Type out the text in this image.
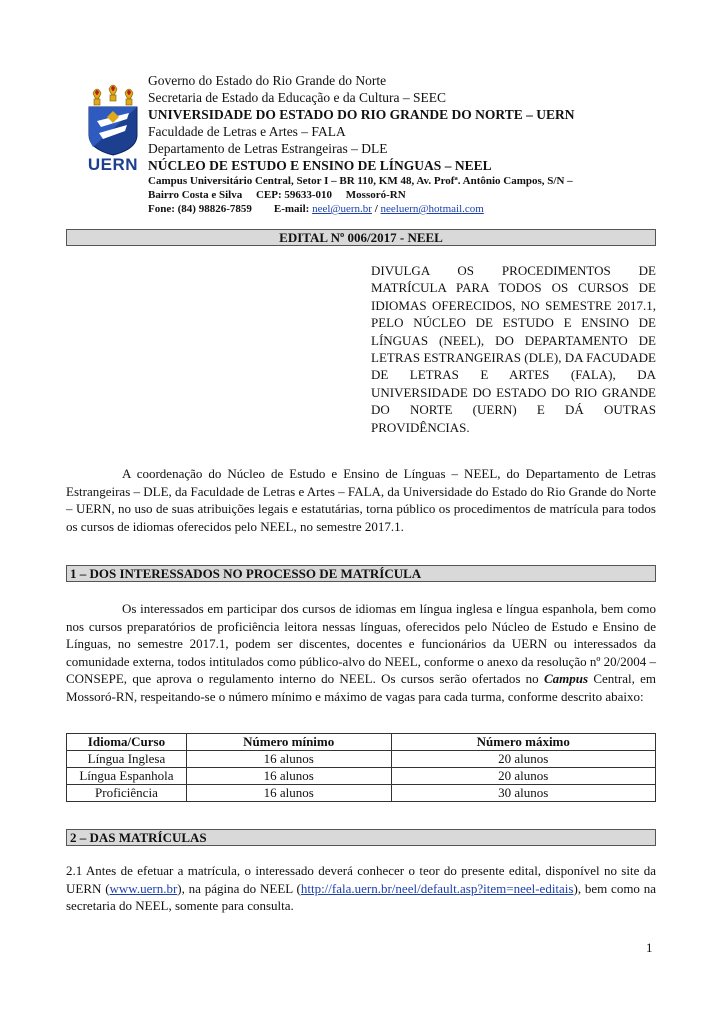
UERN
Governo do Estado do Rio Grande do Norte
Secretaria de Estado da Educação e da Cultura – SEEC
UNIVERSIDADE DO ESTADO DO RIO GRANDE DO NORTE – UERN
Faculdade de Letras e Artes – FALA
Departamento de Letras Estrangeiras – DLE
NÚCLEO DE ESTUDO E ENSINO DE LÍNGUAS – NEEL
Campus Universitário Central, Setor I – BR 110, KM 48, Av. Profª. Antônio Campos, S/N –
Bairro Costa e Silva     CEP: 59633-010     Mossoró-RN
Fone: (84) 98826-7859        E-mail: neel@uern.br / neeluern@hotmail.com
EDITAL Nº 006/2017 - NEEL
DIVULGA OS PROCEDIMENTOS DE MATRÍCULA PARA TODOS OS CURSOS DE IDIOMAS OFERECIDOS, NO SEMESTRE 2017.1, PELO NÚCLEO DE ESTUDO E ENSINO DE LÍNGUAS (NEEL), DO DEPARTAMENTO DE LETRAS ESTRANGEIRAS (DLE), DA FACUDADE DE LETRAS E ARTES (FALA), DA UNIVERSIDADE DO ESTADO DO RIO GRANDE DO NORTE (UERN) E DÁ OUTRAS PROVIDÊNCIAS.
A coordenação do Núcleo de Estudo e Ensino de Línguas – NEEL, do Departamento de Letras Estrangeiras – DLE, da Faculdade de Letras e Artes – FALA, da Universidade do Estado do Rio Grande do Norte – UERN, no uso de suas atribuições legais e estatutárias, torna público os procedimentos de matrícula para todos os cursos de idiomas oferecidos pelo NEEL, no semestre 2017.1.
1 – DOS INTERESSADOS NO PROCESSO DE MATRÍCULA
Os interessados em participar dos cursos de idiomas em língua inglesa e língua espanhola, bem como nos cursos preparatórios de proficiência leitora nessas línguas, oferecidos pelo Núcleo de Estudo e Ensino de Línguas, no semestre 2017.1, podem ser discentes, docentes e funcionários da UERN ou interessados da comunidade externa, todos intitulados como público-alvo do NEEL, conforme o anexo da resolução nº 20/2004 – CONSEPE, que aprova o regulamento interno do NEEL. Os cursos serão ofertados no Campus Central, em Mossoró-RN, respeitando-se o número mínimo e máximo de vagas para cada turma, conforme descrito abaixo:
Idioma/Curso	Número mínimo	Número máximo
Língua Inglesa	16 alunos	20 alunos
Língua Espanhola	16 alunos	20 alunos
Proficiência	16 alunos	30 alunos
2 – DAS MATRÍCULAS
2.1 Antes de efetuar a matrícula, o interessado deverá conhecer o teor do presente edital, disponível no site da UERN (www.uern.br), na página do NEEL (http://fala.uern.br/neel/default.asp?item=neel-editais), bem como na secretaria do NEEL, somente para consulta.
1
